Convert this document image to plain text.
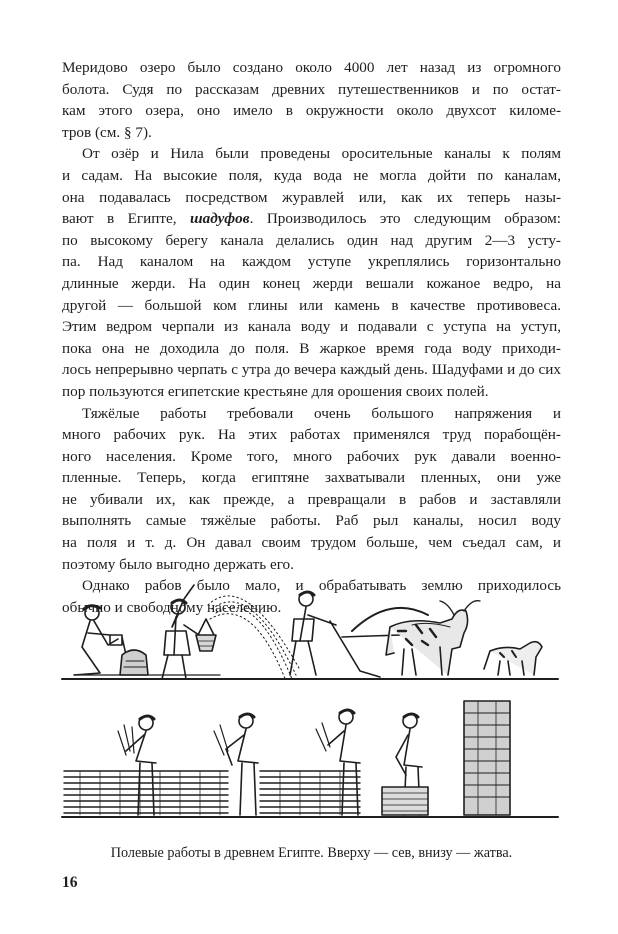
Меридово озеро было создано около 4000 лет назад из огромного
болота. Судя по рассказам древних путешественников и по остат-
кам этого озера, оно имело в окружности около двухсот киломе-
тров (см. § 7).
От озёр и Нила были проведены оросительные каналы к полям
и садам. На высокие поля, куда вода не могла дойти по каналам,
она подавалась посредством журавлей или, как их теперь назы-
вают в Египте, шадуфов. Производилось это следующим образом:
по высокому берегу канала делались один над другим 2—3 усту-
па. Над каналом на каждом уступе укреплялись горизонтально
длинные жерди. На один конец жерди вешали кожаное ведро, на
другой — большой ком глины или камень в качестве противовеса.
Этим ведром черпали из канала воду и подавали с уступа на уступ,
пока она не доходила до поля. В жаркое время года воду приходи-
лось непрерывно черпать с утра до вечера каждый день. Шадуфами и до сих
пор пользуются египетские крестьяне для орошения своих полей.
Тяжёлые работы требовали очень большого напряжения и
много рабочих рук. На этих работах применялся труд порабощён-
ного населения. Кроме того, много рабочих рук давали военно-
пленные. Теперь, когда египтяне захватывали пленных, они уже
не убивали их, как прежде, а превращали в рабов и заставляли
выполнять самые тяжёлые работы. Раб рыл каналы, носил воду
на поля и т. д. Он давал своим трудом больше, чем съедал сам, и
поэтому было выгодно держать его.
Однако рабов было мало, и обрабатывать землю приходилось
обычно и свободному населению.
Полевые работы в древнем Египте. Вверху — сев, внизу — жатва.
16
